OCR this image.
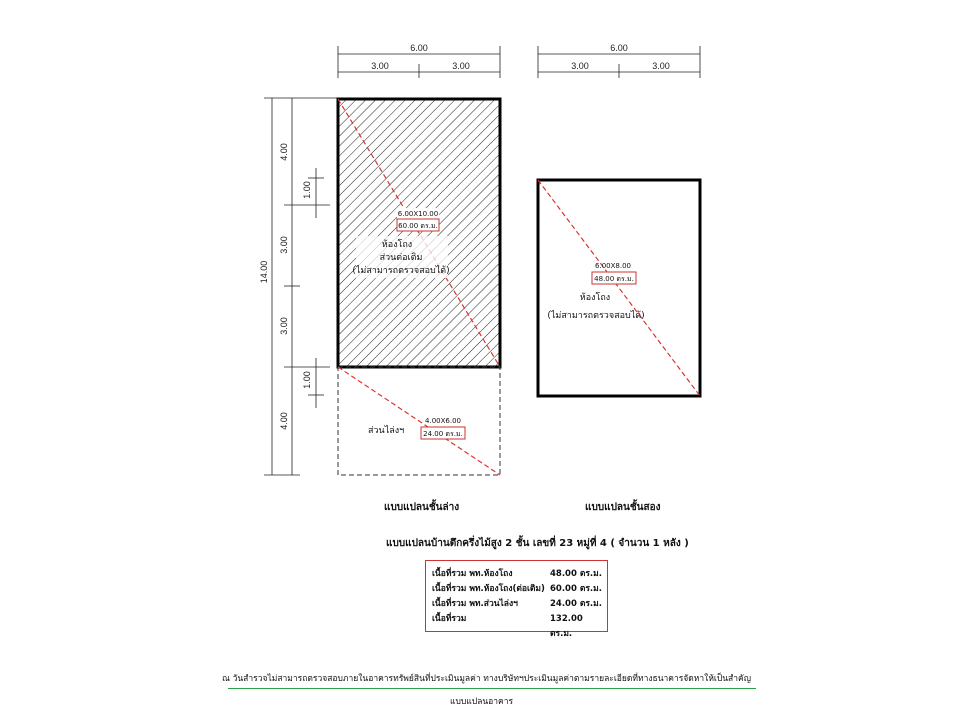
6.00
3.00	3.00
6.00
3.00	3.00
14.00
4.00
1.00
3.00
3.00
1.00
4.00
6.00X10.00
60.00 ตร.ม.
ห้องโถง
ส่วนต่อเติม
(ไม่สามารถตรวจสอบได้)
ส่วนไล่งฯ
4.00X6.00
24.00 ตร.ม.
6.00X8.00
48.00 ตร.ม.
ห้องโถง
(ไม่สามารถตรวจสอบได้)
แบบแปลนชั้นล่าง	แบบแปลนชั้นสอง
แบบแปลนบ้านตึกครึ่งไม้สูง 2 ชั้น เลขที่ 23 หมู่ที่ 4 ( จำนวน 1 หลัง )
เนื้อที่รวม พท.ห้องโถง	48.00 ตร.ม.
เนื้อที่รวม พท.ห้องโถง(ต่อเติม) 60.00 ตร.ม.
เนื้อที่รวม พท.ส่วนไล่งฯ	24.00 ตร.ม.
เนื้อที่รวม	132.00 ตร.ม.
ณ วันสำรวจไม่สามารถตรวจสอบภายในอาคารทรัพย์สินที่ประเมินมูลค่า ทางบริษัทฯประเมินมูลค่าตามรายละเอียดที่ทางธนาคารจัดหาให้เป็นสำคัญ
แบบแปลนอาคาร
